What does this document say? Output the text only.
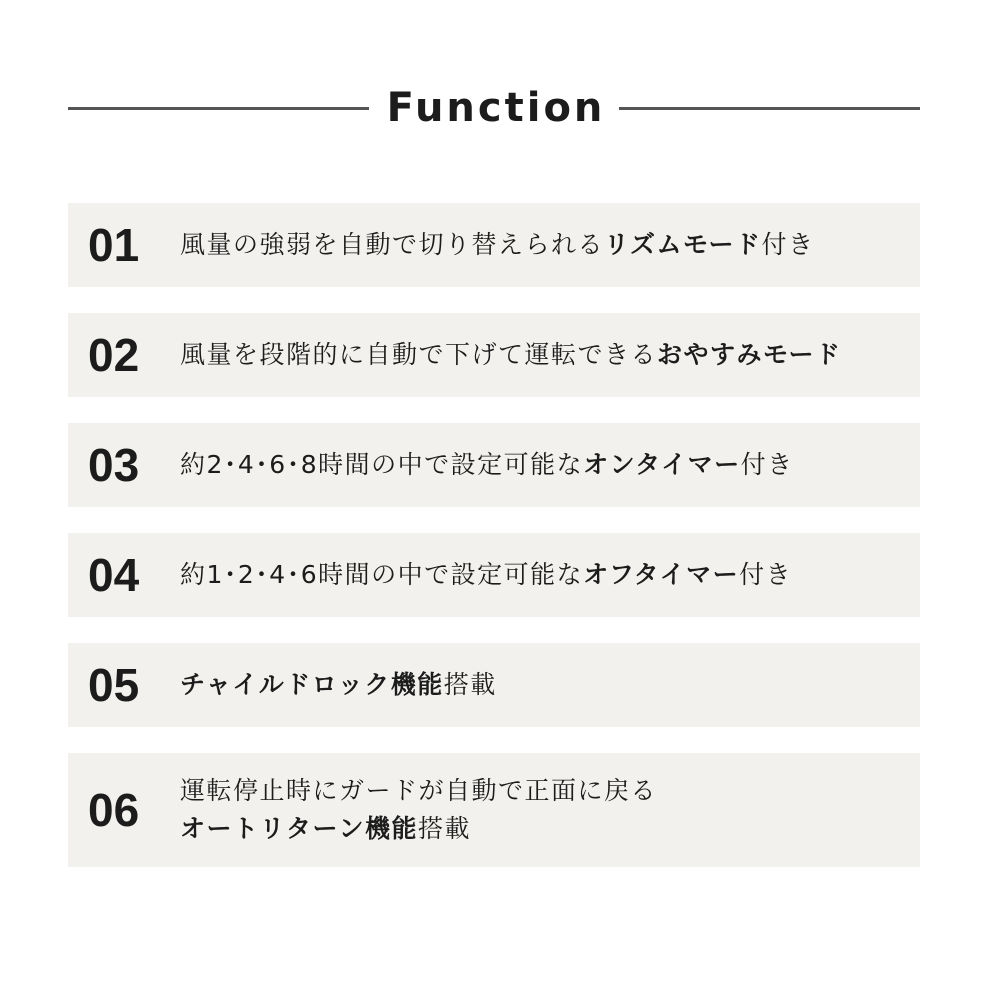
Function
01	風量の強弱を自動で切り替えられるリズムモード付き
02	風量を段階的に自動で下げて運転できるおやすみモード
03	約2･4･6･8時間の中で設定可能なオンタイマー付き
04	約1･2･4･6時間の中で設定可能なオフタイマー付き
05	チャイルドロック機能搭載
06	運転停止時にガードが自動で正面に戻る
オートリターン機能搭載
